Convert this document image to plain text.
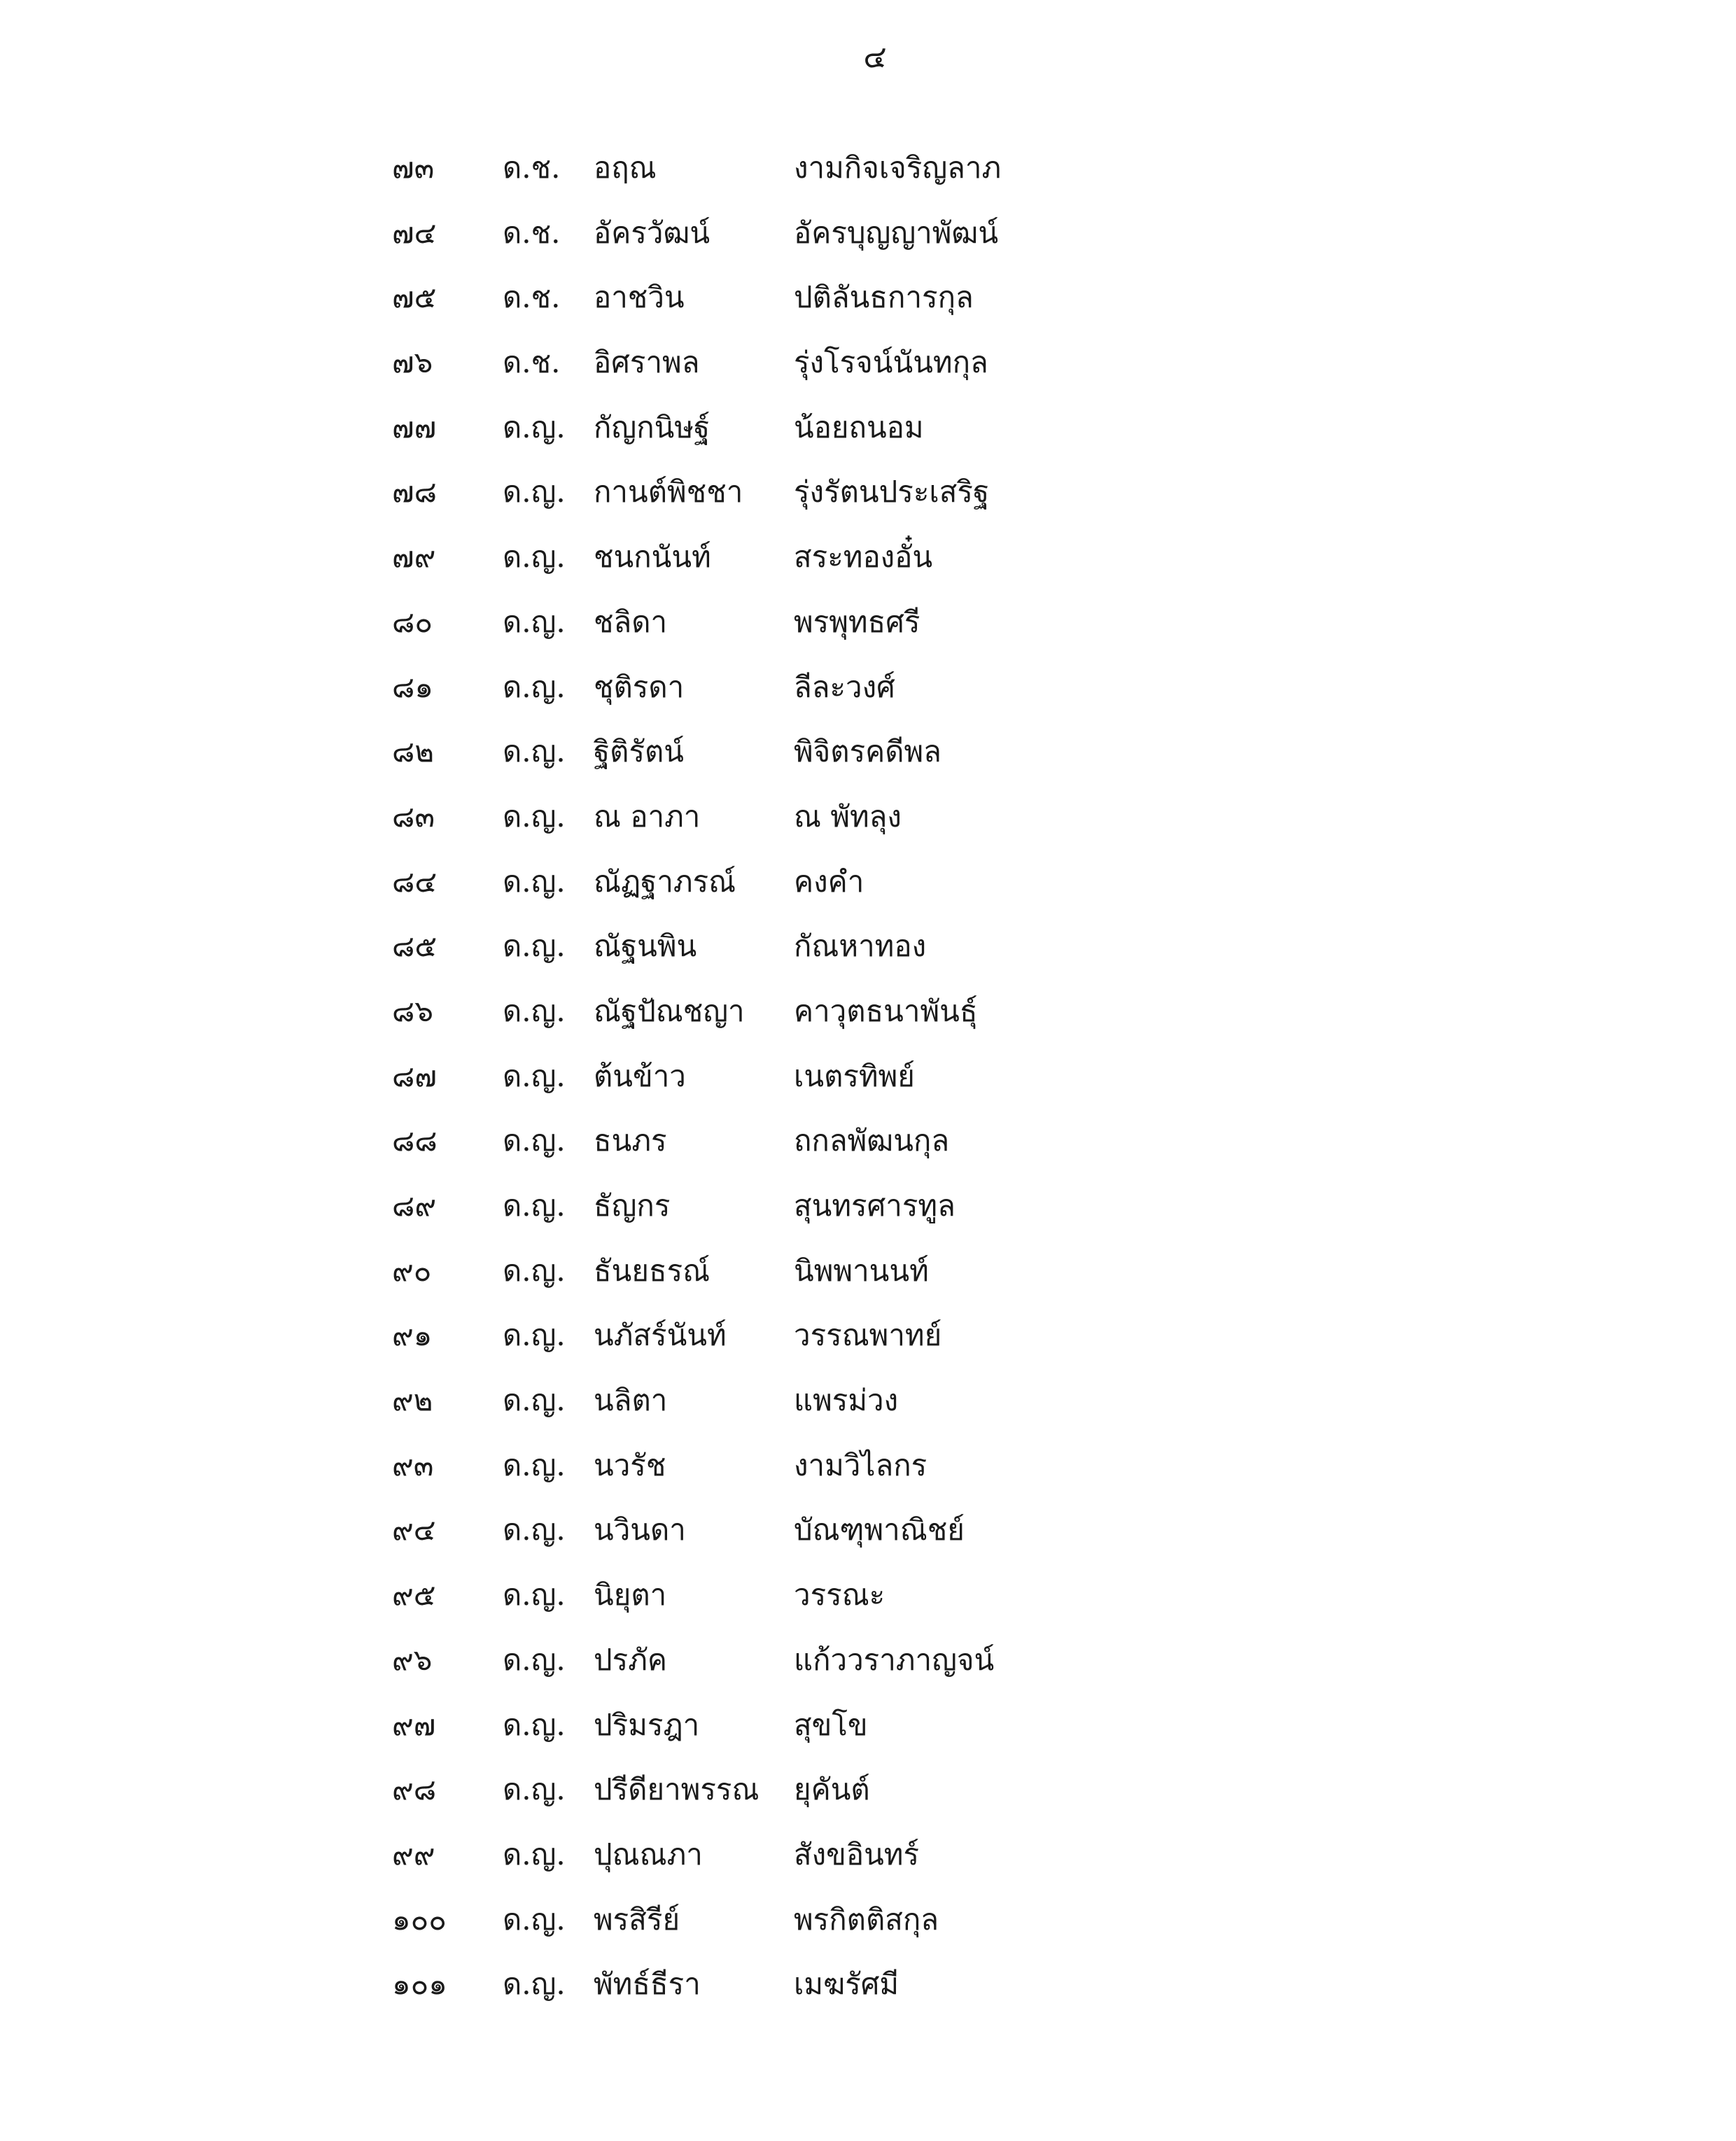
๔
๗๓	ด.ช.	อฤณ	งามกิจเจริญลาภ
๗๔	ด.ช.	อัครวัฒน์	อัครบุญญาพัฒน์
๗๕	ด.ช.	อาชวิน	ปติลันธการกุล
๗๖	ด.ช.	อิศราพล	รุ่งโรจน์นันทกุล
๗๗	ด.ญ. กัญกนิษฐ์	น้อยถนอม
๗๘	ด.ญ. กานต์พิชชา	รุ่งรัตนประเสริฐ
๗๙	ด.ญ. ชนกนันท์	สระทองอั๋น
๘๐	ด.ญ. ชลิดา	พรพุทธศรี
๘๑	ด.ญ. ชุติรดา	ลีละวงศ์
๘๒	ด.ญ. ฐิติรัตน์	พิจิตรคดีพล
๘๓	ด.ญ. ณ อาภา	ณ พัทลุง
๘๔	ด.ญ. ณัฏฐาภรณ์	คงคำ
๘๕	ด.ญ. ณัฐนพิน	กัณหาทอง
๘๖	ด.ญ. ณัฐปัณชญา	คาวุตธนาพันธุ์
๘๗	ด.ญ. ต้นข้าว	เนตรทิพย์
๘๘	ด.ญ. ธนภร	ถกลพัฒนกุล
๘๙	ด.ญ. ธัญกร	สุนทรศารทูล
๙๐	ด.ญ. ธันยธรณ์	นิพพานนท์
๙๑	ด.ญ. นภัสร์นันท์	วรรณพาทย์
๙๒	ด.ญ. นลิตา	แพรม่วง
๙๓	ด.ญ. นวรัช	งามวิไลกร
๙๔	ด.ญ. นวินดา	บัณฑุพาณิชย์
๙๕	ด.ญ. นิยุตา	วรรณะ
๙๖	ด.ญ. ปรภัค	แก้ววราภาญจน์
๙๗	ด.ญ. ปริมรฎา	สุขโข
๙๘	ด.ญ. ปรีดียาพรรณ	ยุคันต์
๙๙	ด.ญ. ปุณณภา	สังขอินทร์
๑๐๐	ด.ญ. พรสิรีย์	พรกิตติสกุล
๑๐๑	ด.ญ. พัทธ์ธีรา	เมฆรัศมี
